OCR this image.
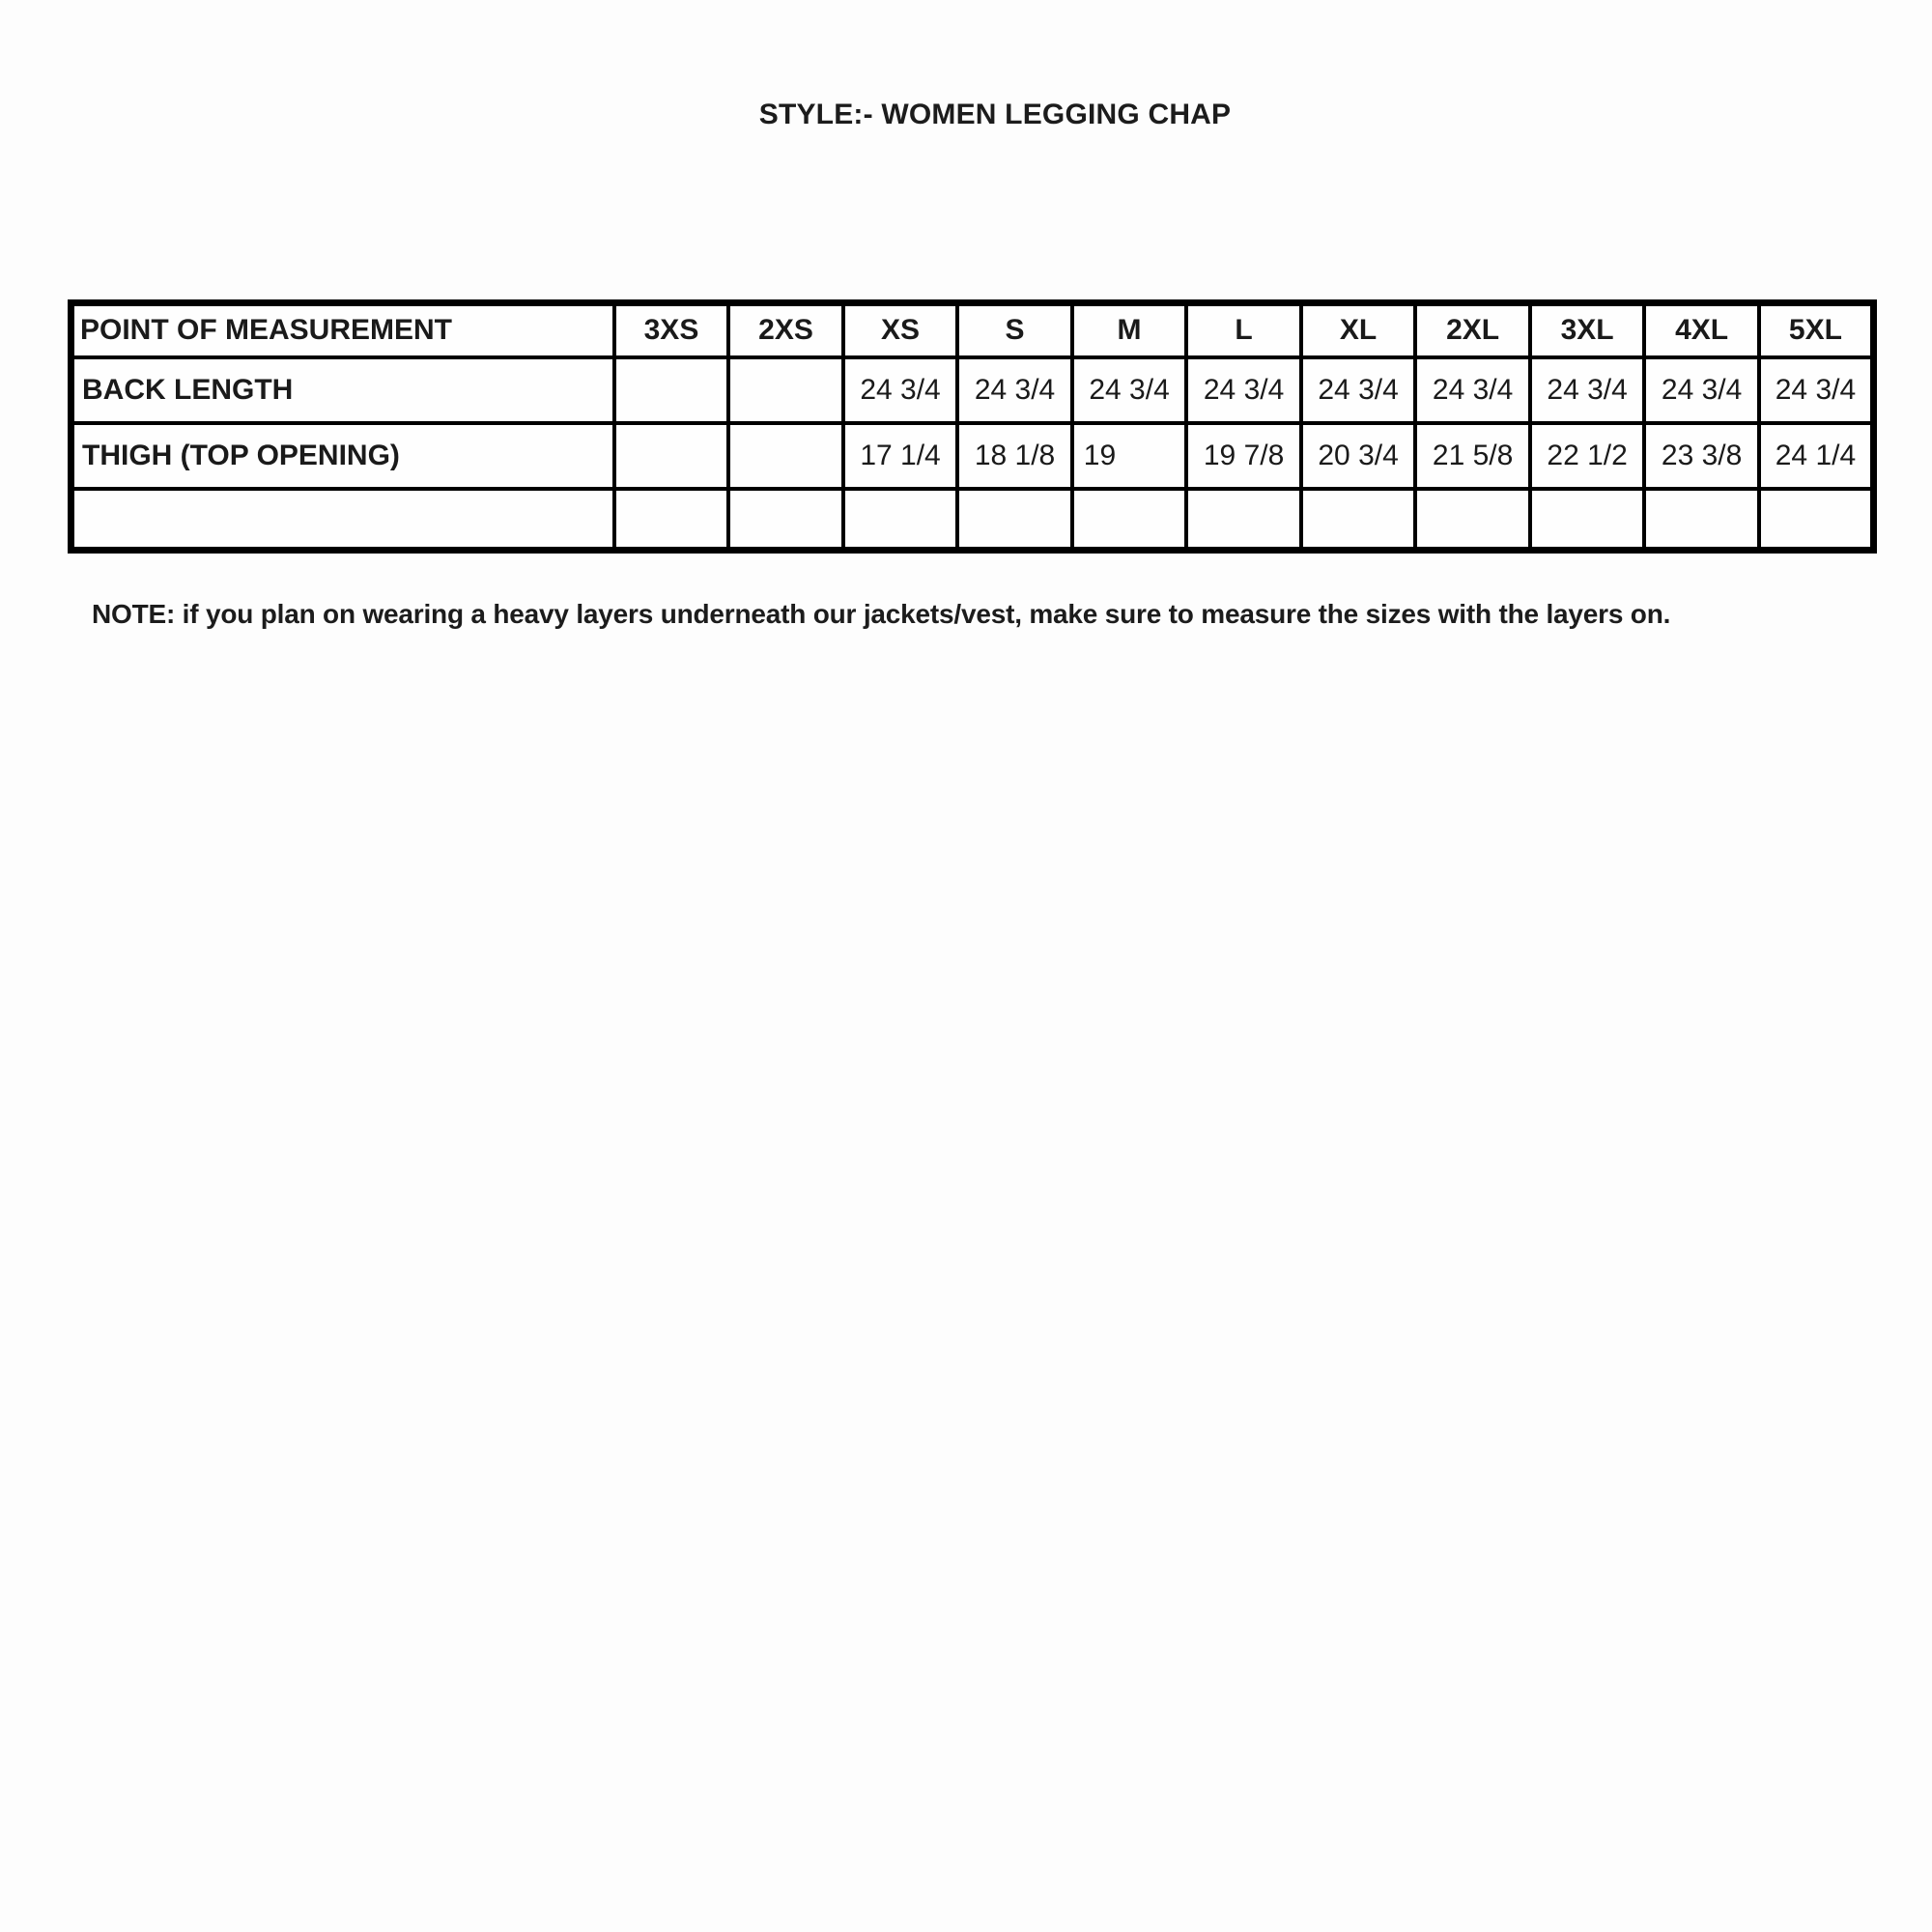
STYLE:- WOMEN LEGGING CHAP
POINT OF MEASUREMENT	3XS	2XS	XS	S	M	L	XL	2XL	3XL	4XL	5XL
BACK LENGTH			24 3/4	24 3/4	24 3/4	24 3/4	24 3/4	24 3/4	24 3/4	24 3/4	24 3/4
THIGH (TOP OPENING)			17 1/4	18 1/8	19	19 7/8	20 3/4	21 5/8	22 1/2	23 3/8	24 1/4

NOTE: if you plan on wearing a heavy layers underneath our jackets/vest, make sure to measure the sizes with the layers on.
